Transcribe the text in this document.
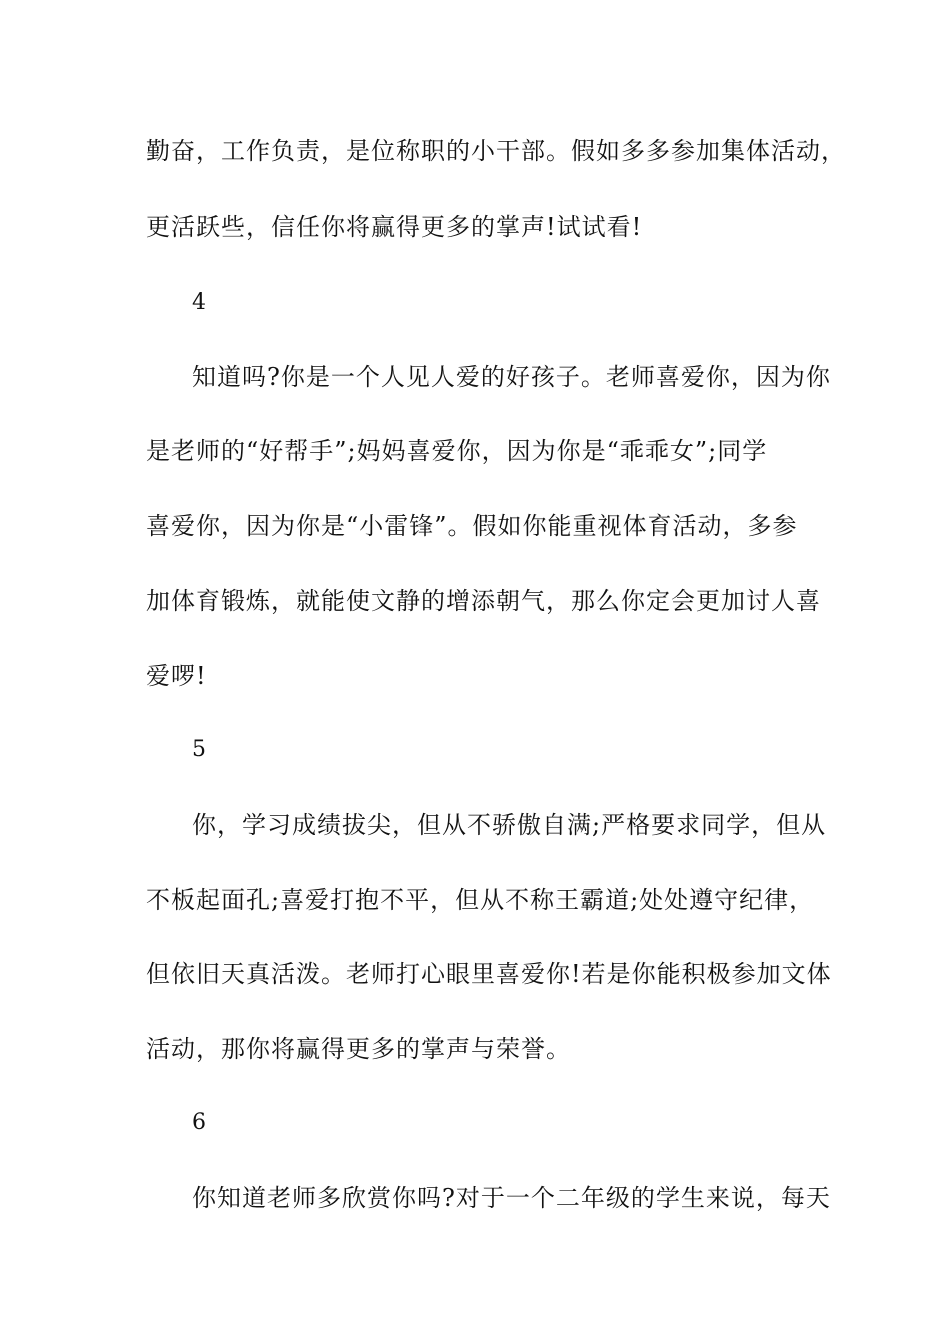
勤奋，工作负责，是位称职的小干部。假如多多参加集体活动，
更活跃些，信任你将赢得更多的掌声!试试看!
4
知道吗?你是一个人见人爱的好孩子。老师喜爱你，因为你
是老师的“好帮手”;妈妈喜爱你，因为你是“乖乖女”;同学
喜爱你，因为你是“小雷锋”。假如你能重视体育活动，多参
加体育锻炼，就能使文静的增添朝气，那么你定会更加讨人喜
爱啰!
5
你，学习成绩拔尖，但从不骄傲自满;严格要求同学，但从
不板起面孔;喜爱打抱不平，但从不称王霸道;处处遵守纪律，
但依旧天真活泼。老师打心眼里喜爱你!若是你能积极参加文体
活动，那你将赢得更多的掌声与荣誉。
6
你知道老师多欣赏你吗?对于一个二年级的学生来说，每天
